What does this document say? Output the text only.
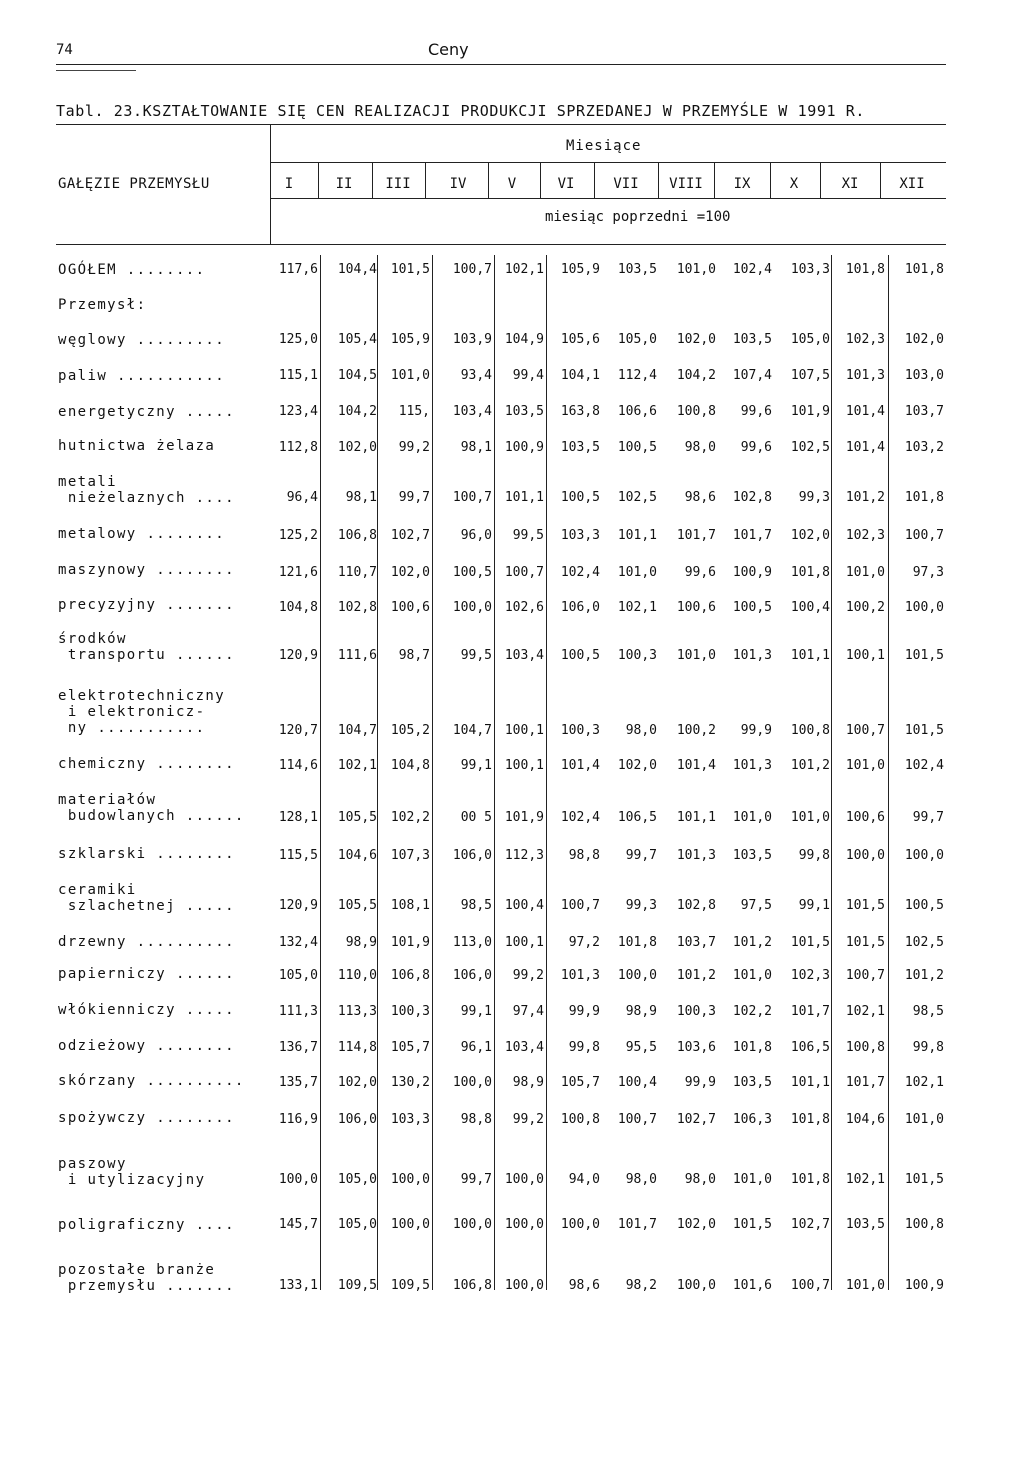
74	Ceny
Tabl. 23.KSZTAŁTOWANIE SIĘ CEN REALIZACJI PRODUKCJI SPRZEDANEJ W PRZEMYŚLE W 1991 R.
GAŁĘZIE PRZEMYSŁU
Miesiące
miesiąc poprzedni =100
I	II	III	IV	V	VI	VII	VIII	IX	X	XI	XII
OGÓŁEM ........	117,6	104,4	101,5	100,7 102,1	105,9	103,5	101,0	102,4	103,3	101,8	101,8
Przemysł:
węglowy .........	125,0	105,4	105,9	103,9 104,9	105,6	105,0	102,0	103,5	105,0	102,3	102,0
paliw ...........	115,1	104,5	101,0	93,4	99,4	104,1	112,4	104,2	107,4	107,5	101,3	103,0
energetyczny .....	123,4	104,2	115,	103,4 103,5	163,8	106,6	100,8	99,6	101,9	101,4	103,7
hutnictwa żelaza	112,8	102,0	99,2	98,1 100,9	103,5	100,5	98,0	99,6	102,5	101,4	103,2
metali
nieżelaznych ....	96,4	98,1	99,7	100,7 101,1	100,5	102,5	98,6	102,8	99,3	101,2	101,8
metalowy ........	125,2	106,8	102,7	96,0	99,5	103,3	101,1	101,7	101,7	102,0	102,3	100,7
maszynowy ........	121,6	110,7	102,0	100,5 100,7	102,4	101,0	99,6	100,9	101,8	101,0	97,3
precyzyjny .......	104,8	102,8	100,6	100,0 102,6	106,0	102,1	100,6	100,5	100,4	100,2	100,0
środków
transportu ......	120,9	111,6	98,7	99,5 103,4	100,5	100,3	101,0	101,3	101,1	100,1	101,5
elektrotechniczny
i elektronicz-
ny ...........	120,7	104,7	105,2	104,7 100,1	100,3	98,0	100,2	99,9	100,8	100,7	101,5
chemiczny ........	114,6	102,1	104,8	99,1 100,1	101,4	102,0	101,4	101,3	101,2	101,0	102,4
materiałów
budowlanych ......	128,1	105,5	102,2	00 5 101,9	102,4	106,5	101,1	101,0	101,0	100,6	99,7
szklarski ........	115,5	104,6	107,3	106,0 112,3	98,8	99,7	101,3	103,5	99,8	100,0	100,0
ceramiki
szlachetnej .....	120,9	105,5	108,1	98,5 100,4	100,7	99,3	102,8	97,5	99,1	101,5	100,5
drzewny ..........	132,4	98,9	101,9	113,0 100,1	97,2	101,8	103,7	101,2	101,5	101,5	102,5
papierniczy ......	105,0	110,0	106,8	106,0	99,2	101,3	100,0	101,2	101,0	102,3	100,7	101,2
włókienniczy .....	111,3	113,3	100,3	99,1	97,4	99,9	98,9	100,3	102,2	101,7	102,1	98,5
odzieżowy ........	136,7	114,8	105,7	96,1 103,4	99,8	95,5	103,6	101,8	106,5	100,8	99,8
skórzany ..........	135,7	102,0	130,2	100,0	98,9	105,7	100,4	99,9	103,5	101,1	101,7	102,1
spożywczy ........	116,9	106,0	103,3	98,8	99,2	100,8	100,7	102,7	106,3	101,8	104,6	101,0
paszowy
i utylizacyjny	100,0	105,0	100,0	99,7 100,0	94,0	98,0	98,0	101,0	101,8	102,1	101,5
poligraficzny ....	145,7	105,0	100,0	100,0 100,0	100,0	101,7	102,0	101,5	102,7	103,5	100,8
pozostałe branże
przemysłu .......	133,1	109,5	109,5	106,8 100,0	98,6	98,2	100,0	101,6	100,7	101,0	100,9
